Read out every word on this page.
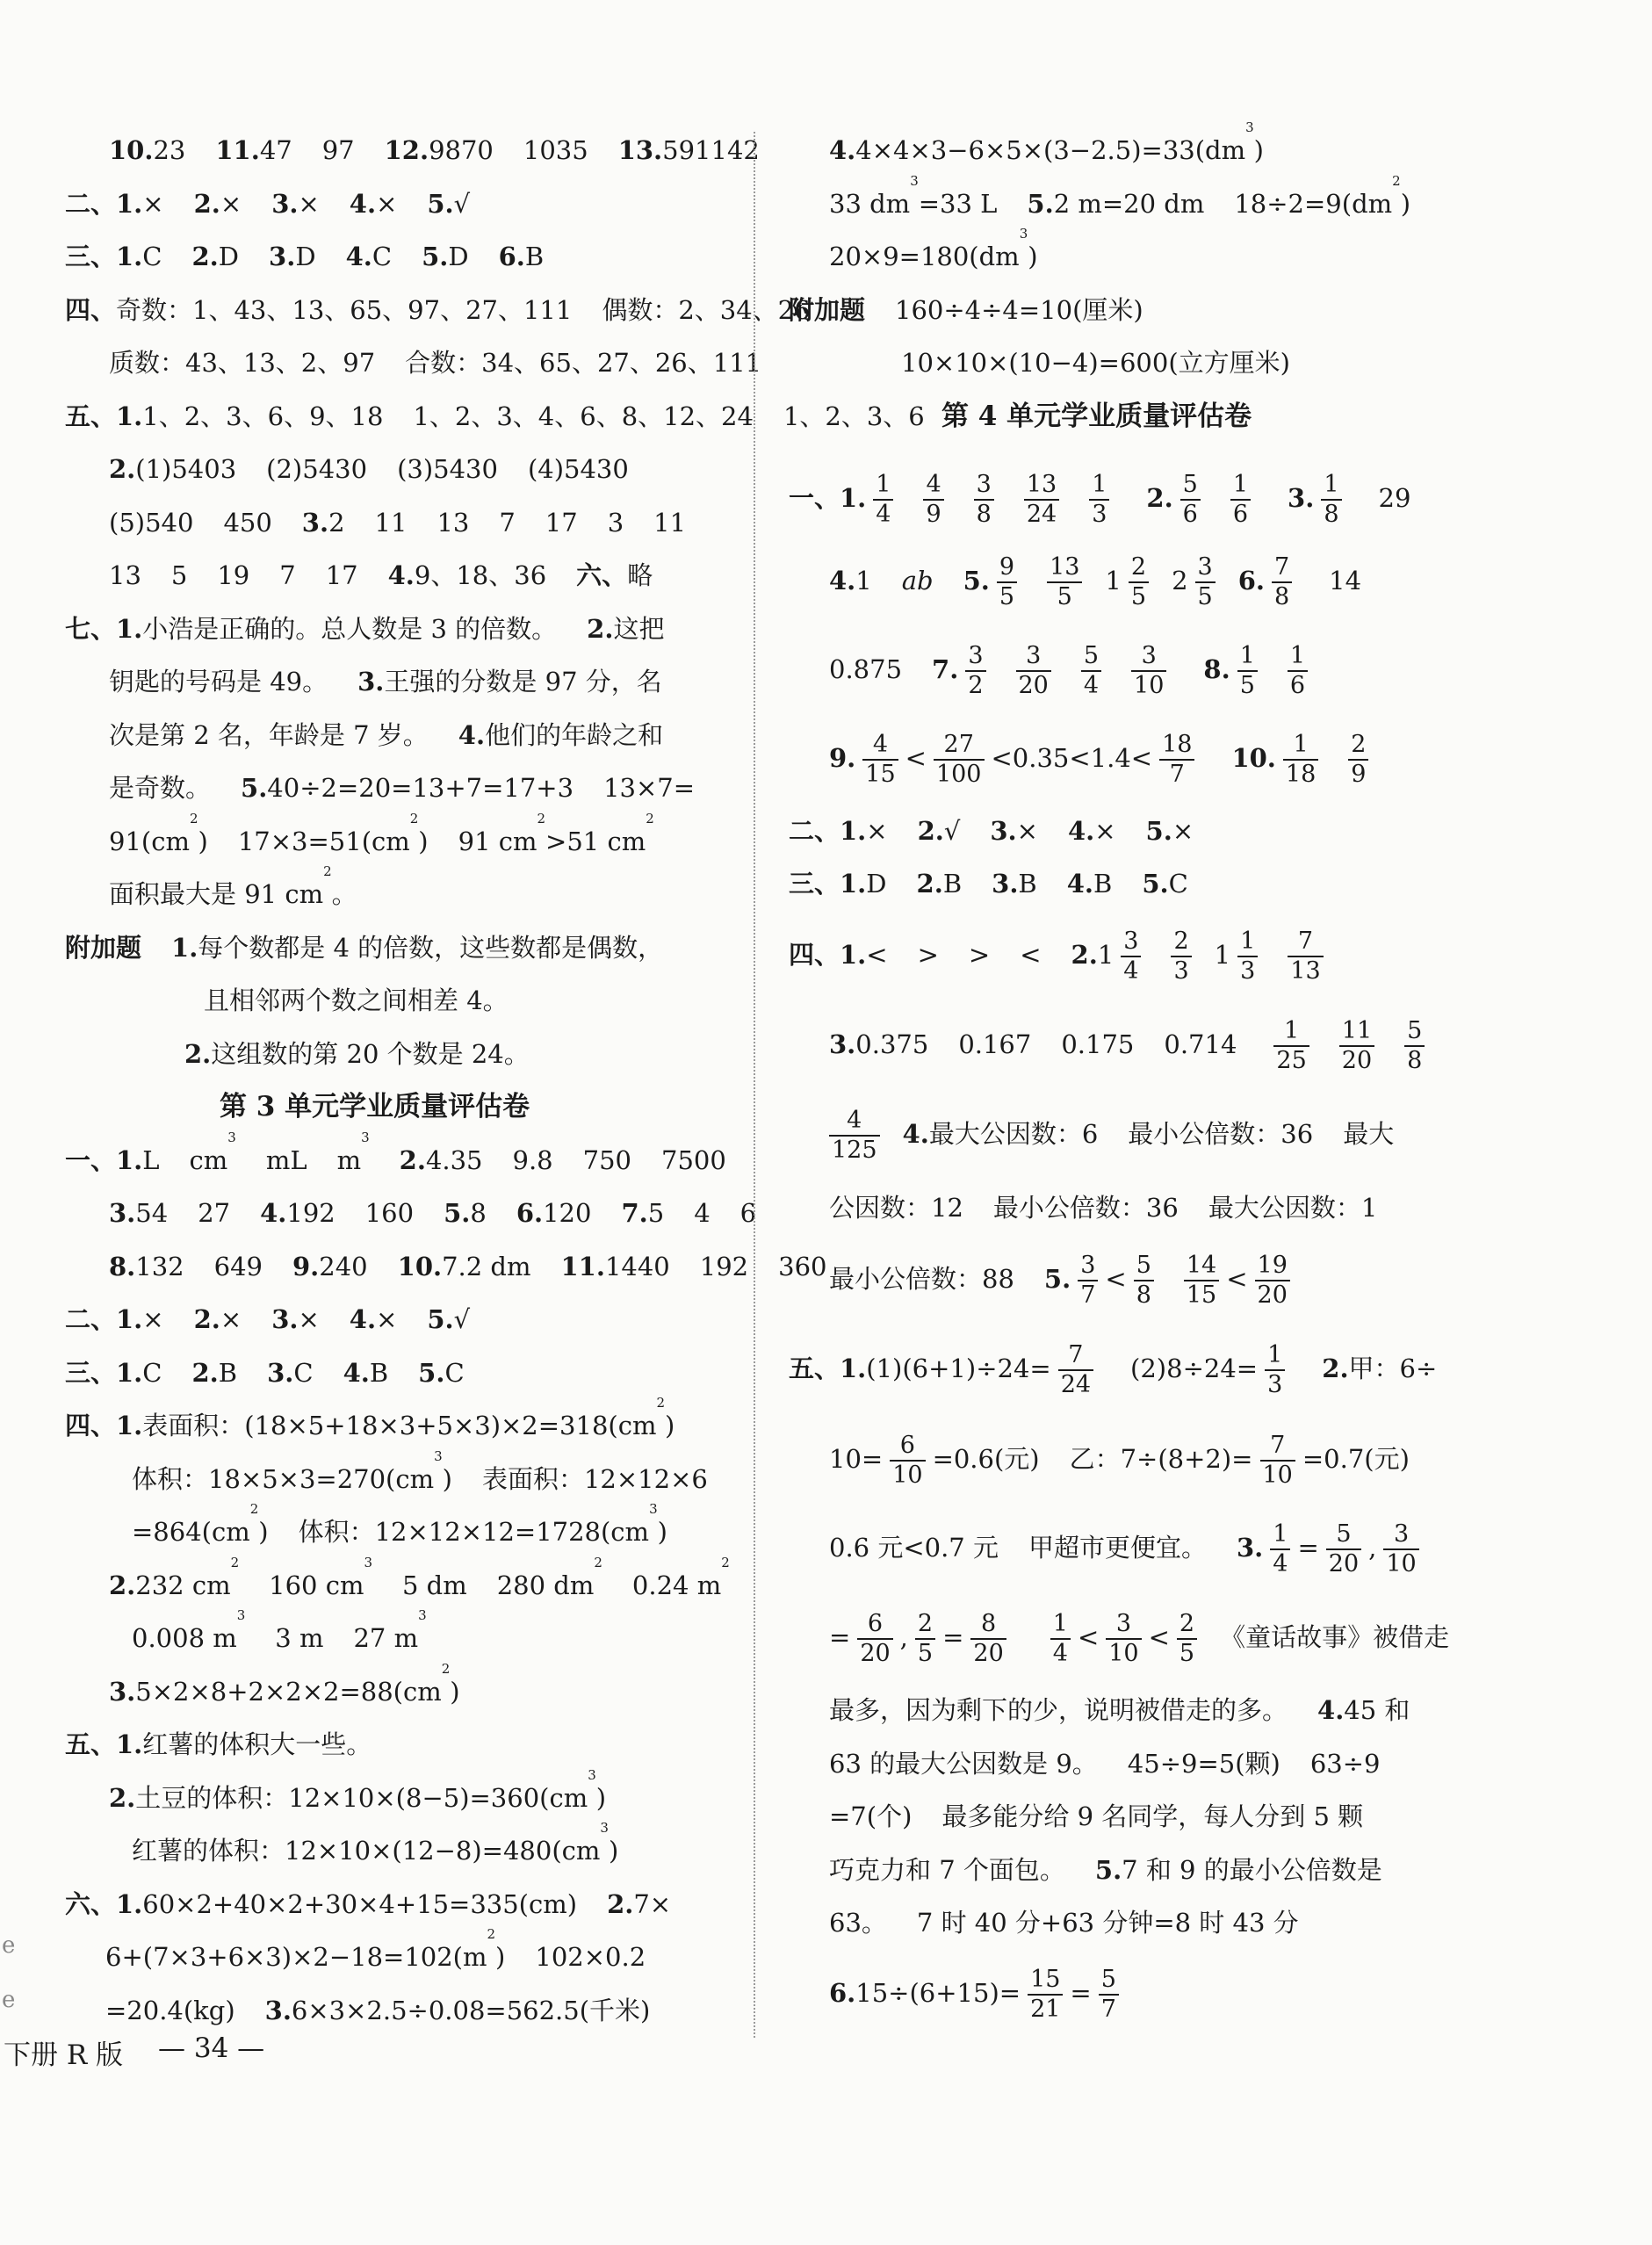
10.23 11.47 97 12.9870 1035 13.591142
二、1.× 2.× 3.× 4.× 5.√
三、1.C 2.D 3.D 4.C 5.D 6.B
四、奇数：1、43、13、65、97、27、111 偶数：2、34、26
质数：43、13、2、97 合数：34、65、27、26、111
五、1.1、2、3、6、9、18 1、2、3、4、6、8、12、24 1、2、3、6
2.(1)5403 (2)5430 (3)5430 (4)5430
(5)540 450 3.2 11 13 7 17 3 11
13 5 19 7 17 4.9、18、36 六、略
七、1.小浩是正确的。总人数是 3 的倍数。 2.这把
钥匙的号码是 49。 3.王强的分数是 97 分，名
次是第 2 名，年龄是 7 岁。 4.他们的年龄之和
是奇数。 5.40÷2=20=13+7=17+3 13×7=
$91(cm^2)$ $17\times 3=51(cm^2)$ 91 $cm^2>51$ $cm^2$
面积最大是 91 $cm^2$。
附加题 1.每个数都是 4 的倍数，这些数都是偶数，
且相邻两个数之间相差 4。
2.这组数的第 20 个数是 24。
第 3 单元学业质量评估卷
一、1.L $cm^3mL$ $m^32.4.35$ 9.8 750 7500
3.54 27 4.192 160 5.8 6.120 7.5 4 6
8.132 649 9.240 10.7.2 dm 11.1440 192 360
二、1.× 2.× 3.× 4.× 5.√
三、1.C 2.B 3.C 4.B 5.C
四、1.表面积：$(18\times 5+18\times 3+5\times 3)\times 2=318(cm^2)$
体积：$18\times 5\times 3=270(cm^3)$ 表面积：12×12×6
$=864(cm^2)$ 体积：$12\times 12\times 12=1728(cm^3)$
2.232 $cm^2160$ $cm^35$ dm 280 $dm^20.24$ $m^2$
0.008 $m^33$ m 27 $m^3$
$3.5\times 2\times 8+2\times 2\times 2=88(cm^2)$
五、1.红薯的体积大一些。
2.土豆的体积：$12\times 10\times(8-5)=360(cm^3)$
红薯的体积：$12\times 10\times(12-8)=480(cm^3)$
六、1.60×2+40×2+30×4+15=335(cm) 2.7×
$6+(7\times 3+6\times 3)\times 2-18=102(m^2)$ 102×0.2
=20.4(kg) 3.6×3×2.5÷0.08=562.5(千米)
$4.4\times 4\times 3-6\times 5\times(3-2.5)=33(dm^3)$
33 $dm^3=33$ L 5.2 m=20 dm $18\div 2=9(dm^2)$
$20\times 9=180(dm^3)$
附加题 160÷4÷4=10(厘米)
10×10×(10−4)=600(立方厘米)
第 4 单元学业质量评估卷
一、1. $\frac{1}{4} \frac{4}{9} \frac{3}{8} \frac{13}{24} \frac{1}{3} 2$. $\frac{5}{6} \frac{1}{6} 3$. $\frac{1}{8} 29$
4.1 ab 5. $\frac{9}{5} \frac{13}{5} 1 \frac{2}{5} 2 \frac{3}{5} 6$. $\frac{7}{8} 14$
0.875 7. $\frac{3}{2} \frac{3}{20} \frac{5}{4} \frac{3}{10} 8$. $\frac{1}{5} \frac{1}{6}$
9. $\frac{4}{15} < \frac{27}{100} <0.35<1.4< \frac{18}{7} 10$. $\frac{1}{18} \frac{2}{9}$
二、1.× 2.√ 3.× 4.× 5.×
三、1.D 2.B 3.B 4.B 5.C
四、1.< > > < $2.1 \frac{3}{4} \frac{2}{3} 1 \frac{1}{3} \frac{7}{13}$
3.0.375 0.167 0.175 $0.714 \frac{1}{25} \frac{11}{20} \frac{5}{8}$
$\frac{4}{125} 4$.最大公因数：6 最小公倍数：36 最大
公因数：12 最小公倍数：36 最大公因数：1
最小公倍数：88 5. $\frac{3}{7} < \frac{5}{8} \frac{14}{15} < \frac{19}{20}$
五、$1.(1)(6+1)\div 24= \frac{7}{24} (2)8\div 24= \frac{1}{3} 2$.甲：6÷
$10= \frac{6}{10} =0.6$(元) 乙：$7\div(8+2)= \frac{7}{10} =0.7$(元)
0.6 元<0.7 元 甲超市更便宜。 3. $\frac{1}{4} = \frac{5}{20}$ , $\frac{3}{10}$
= $\frac{6}{20}$ , $\frac{2}{5} = \frac{8}{20} \frac{1}{4} < \frac{3}{10} < \frac{2}{5}$ 《童话故事》被借走
最多，因为剩下的少，说明被借走的多。 4.45 和
63 的最大公因数是 9。 45÷9=5(颗) 63÷9
=7(个) 最多能分给 9 名同学，每人分到 5 颗
巧克力和 7 个面包。 5.7 和 9 的最小公倍数是
63。 7 时 40 分+63 分钟=8 时 43 分
$6.15\div(6+15)= \frac{15}{21} = \frac{5}{7}$
e
e
下册 R 版 — 34 —
